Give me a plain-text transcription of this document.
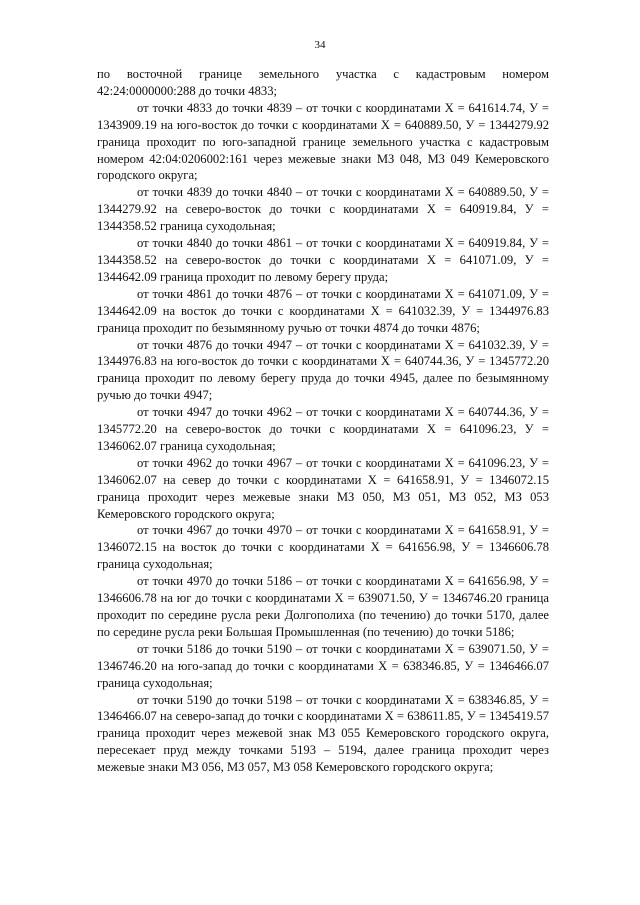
34

по восточной границе земельного участка с кадастровым номером 42:24:0000000:288 до точки 4833;

от точки 4833 до точки 4839 – от точки с координатами Х = 641614.74, У = 1343909.19 на юго-восток до точки с координатами Х = 640889.50, У = 1344279.92 граница проходит по юго-западной границе земельного участка с кадастровым номером 42:04:0206002:161 через межевые знаки МЗ 048, МЗ 049 Кемеровского городского округа;

от точки 4839 до точки 4840 – от точки с координатами Х = 640889.50, У = 1344279.92 на северо-восток до точки с координатами Х = 640919.84, У = 1344358.52 граница суходольная;

от точки 4840 до точки 4861 – от точки с координатами Х = 640919.84, У = 1344358.52 на северо-восток до точки с координатами Х = 641071.09, У = 1344642.09 граница проходит по левому берегу пруда;

от точки 4861 до точки 4876 – от точки с координатами Х = 641071.09, У = 1344642.09 на восток до точки с координатами Х = 641032.39, У = 1344976.83 граница проходит по безымянному ручью от точки 4874 до точки 4876;

от точки 4876 до точки 4947 – от точки с координатами Х = 641032.39, У = 1344976.83 на юго-восток до точки с координатами Х = 640744.36, У = 1345772.20 граница проходит по левому берегу пруда до точки 4945, далее по безымянному ручью до точки 4947;

от точки 4947 до точки 4962 – от точки с координатами Х = 640744.36, У = 1345772.20 на северо-восток до точки с координатами Х = 641096.23, У = 1346062.07 граница суходольная;

от точки 4962 до точки 4967 – от точки с координатами Х = 641096.23, У = 1346062.07 на север до точки с координатами Х = 641658.91, У = 1346072.15 граница проходит через межевые знаки МЗ 050, МЗ 051, МЗ 052, МЗ 053 Кемеровского городского округа;

от точки 4967 до точки 4970 – от точки с координатами Х = 641658.91, У = 1346072.15 на восток до точки с координатами Х = 641656.98, У = 1346606.78 граница суходольная;

от точки 4970 до точки 5186 – от точки с координатами Х = 641656.98, У = 1346606.78 на юг до точки с координатами Х = 639071.50, У = 1346746.20 граница проходит по середине русла реки Долгополиха (по течению) до точки 5170, далее по середине русла реки Большая Промышленная (по течению) до точки 5186;

от точки 5186 до точки 5190 – от точки с координатами Х = 639071.50, У = 1346746.20 на юго-запад до точки с координатами Х = 638346.85, У = 1346466.07 граница суходольная;

от точки 5190 до точки 5198 – от точки с координатами Х = 638346.85, У = 1346466.07 на северо-запад до точки с координатами Х = 638611.85, У = 1345419.57 граница проходит через межевой знак МЗ 055 Кемеровского городского округа, пересекает пруд между точками 5193 – 5194, далее граница проходит через межевые знаки МЗ 056, МЗ 057, МЗ 058 Кемеровского городского округа;
